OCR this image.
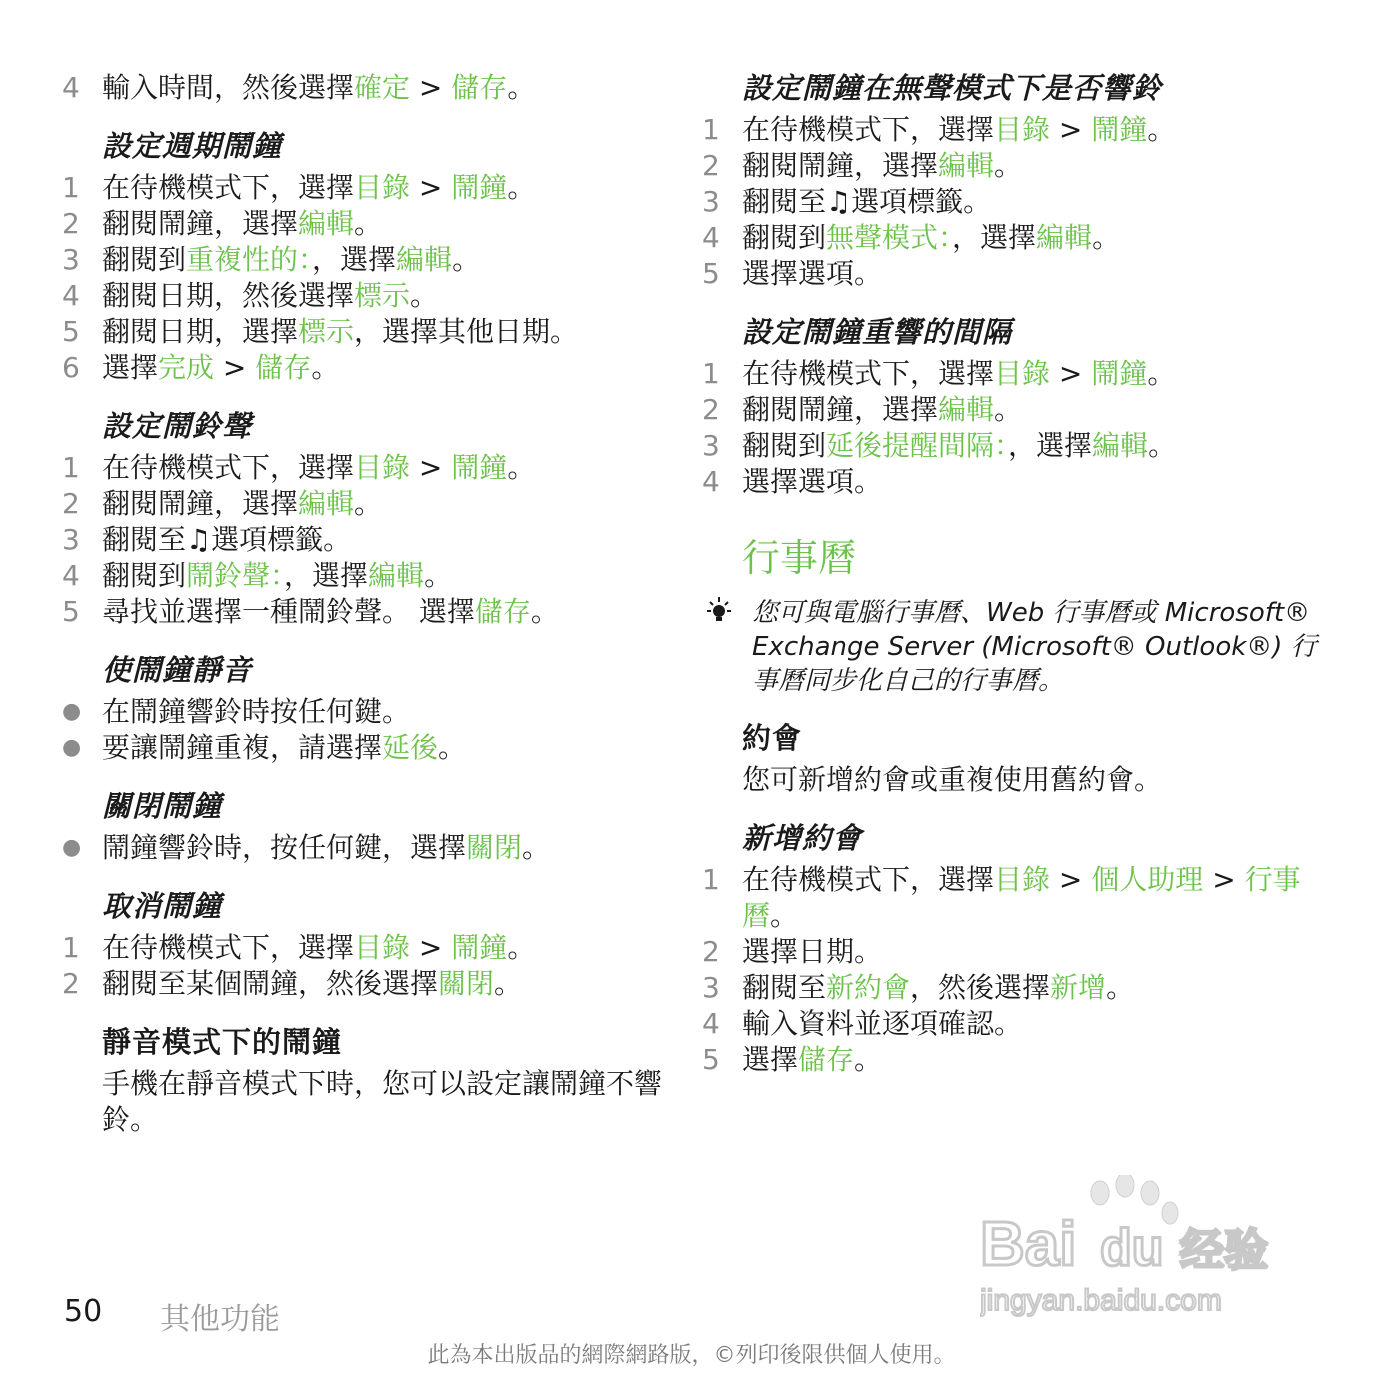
4 輸入時間，然後選擇確定 > 儲存。
設定週期鬧鐘
1 在待機模式下，選擇目錄 > 鬧鐘。
2 翻閱鬧鐘，選擇編輯。
3 翻閱到重複性的：，選擇編輯。
4 翻閱日期，然後選擇標示。
5 翻閱日期，選擇標示，選擇其他日期。
6 選擇完成 > 儲存。
設定鬧鈴聲
1 在待機模式下，選擇目錄 > 鬧鐘。
2 翻閱鬧鐘，選擇編輯。
3 翻閱至♫選項標籤。
4 翻閱到鬧鈴聲：，選擇編輯。
5 尋找並選擇一種鬧鈴聲。 選擇儲存。
使鬧鐘靜音
● 在鬧鐘響鈴時按任何鍵。
● 要讓鬧鐘重複，請選擇延後。
關閉鬧鐘
● 鬧鐘響鈴時，按任何鍵，選擇關閉。
取消鬧鐘
1 在待機模式下，選擇目錄 > 鬧鐘。
2 翻閱至某個鬧鐘，然後選擇關閉。
靜音模式下的鬧鐘
手機在靜音模式下時，您可以設定讓鬧鐘不響鈴。
設定鬧鐘在無聲模式下是否響鈴
1 在待機模式下，選擇目錄 > 鬧鐘。
2 翻閱鬧鐘，選擇編輯。
3 翻閱至♫選項標籤。
4 翻閱到無聲模式：，選擇編輯。
5 選擇選項。
設定鬧鐘重響的間隔
1 在待機模式下，選擇目錄 > 鬧鐘。
2 翻閱鬧鐘，選擇編輯。
3 翻閱到延後提醒間隔：，選擇編輯。
4 選擇選項。
行事曆
您可與電腦行事曆、Web 行事曆或 Microsoft® Exchange Server (Microsoft® Outlook®) 行事曆同步化自己的行事曆。
約會
您可新增約會或重複使用舊約會。
新增約會
1 在待機模式下，選擇目錄 > 個人助理 > 行事曆。
2 選擇日期。
3 翻閱至新約會，然後選擇新增。
4 輸入資料並逐項確認。
5 選擇儲存。
Bai du 经验
jingyan.baidu.com
50 其他功能
此為本出版品的網際網路版，©列印後限供個人使用。
